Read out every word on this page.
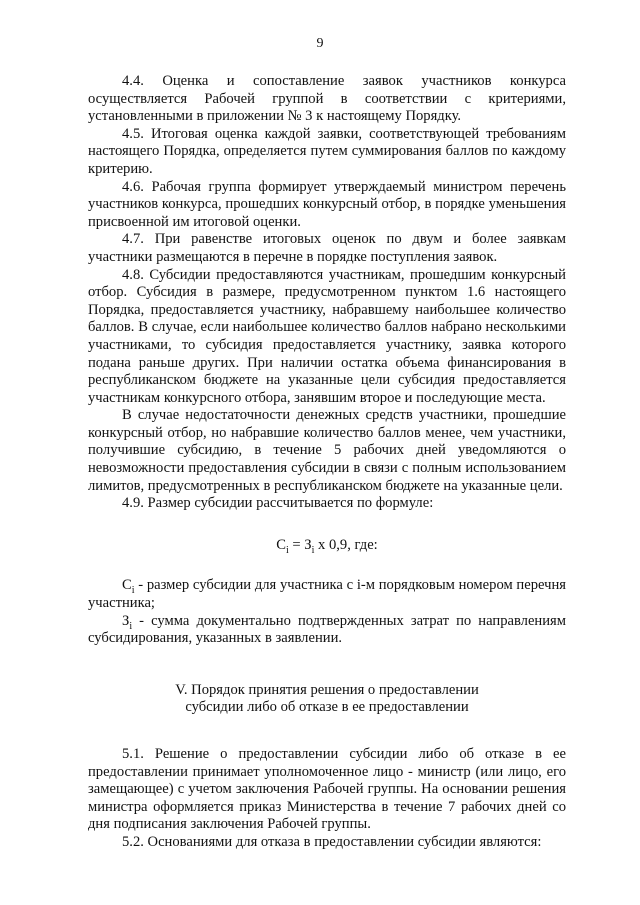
9

4.4. Оценка и сопоставление заявок участников конкурса осуществляется Рабочей группой в соответствии с критериями, установленными в приложении № 3 к настоящему Порядку.

4.5. Итоговая оценка каждой заявки, соответствующей требованиям настоящего Порядка, определяется путем суммирования баллов по каждому критерию.

4.6. Рабочая группа формирует утверждаемый министром перечень участников конкурса, прошедших конкурсный отбор, в порядке уменьшения присвоенной им итоговой оценки.

4.7. При равенстве итоговых оценок по двум и более заявкам участники размещаются в перечне в порядке поступления заявок.

4.8. Субсидии предоставляются участникам, прошедшим конкурсный отбор. Субсидия в размере, предусмотренном пунктом 1.6 настоящего Порядка, предоставляется участнику, набравшему наибольшее количество баллов. В случае, если наибольшее количество баллов набрано несколькими участниками, то субсидия предоставляется участнику, заявка которого подана раньше других. При наличии остатка объема финансирования в республиканском бюджете на указанные цели субсидия предоставляется участникам конкурсного отбора, занявшим второе и последующие места.

В случае недостаточности денежных средств участники, прошедшие конкурсный отбор, но набравшие количество баллов менее, чем участники, получившие субсидию, в течение 5 рабочих дней уведомляются о невозможности предоставления субсидии в связи с полным использованием лимитов, предусмотренных в республиканском бюджете на указанные цели.

4.9. Размер субсидии рассчитывается по формуле:

$С_i = З_i$ х 0,9, где:

$С_i$ - размер субсидии для участника с i-м порядковым номером перечня участника;

$З_i$ - сумма документально подтвержденных затрат по направлениям субсидирования, указанных в заявлении.

V. Порядок принятия решения о предоставлении

субсидии либо об отказе в ее предоставлении

5.1. Решение о предоставлении субсидии либо об отказе в ее предоставлении принимает уполномоченное лицо - министр (или лицо, его замещающее) с учетом заключения Рабочей группы. На основании решения министра оформляется приказ Министерства в течение 7 рабочих дней со дня подписания заключения Рабочей группы.

5.2. Основаниями для отказа в предоставлении субсидии являются:
